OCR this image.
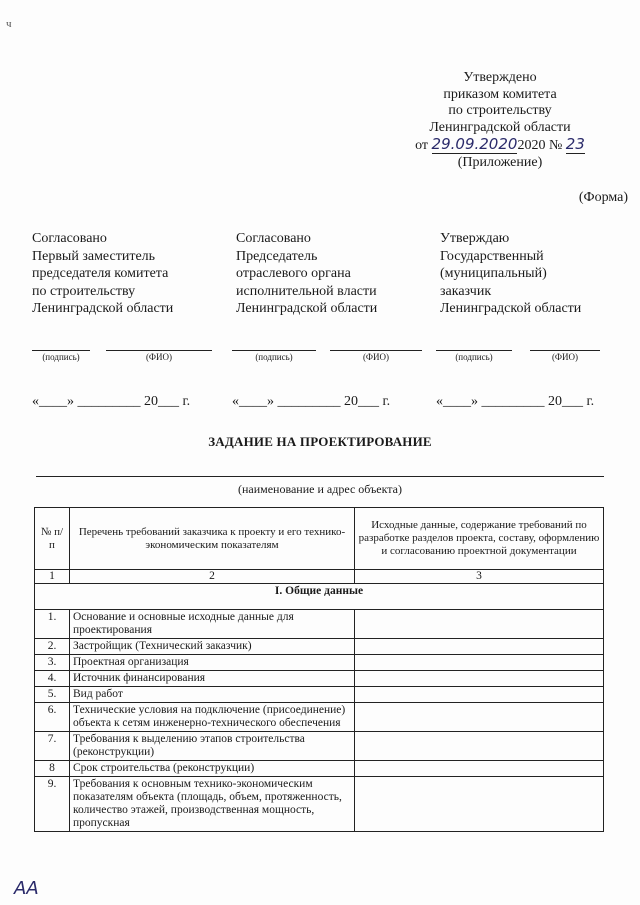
ч
Утверждено
приказом комитета
по строительству
Ленинградской области
от 29.09.20202020 № 23
(Приложение)
(Форма)
Согласовано
Первый заместитель
председателя комитета
по строительству
Ленинградской области
Согласовано
Председатель
отраслевого органа
исполнительной власти
Ленинградской области
Утверждаю
Государственный
(муниципальный)
заказчик
Ленинградской области
(подпись)	(ФИО)	(подпись)	(ФИО)	(подпись)	(ФИО)
«____» _________ 20___ г.	«____» _________ 20___ г.	«____» _________ 20___ г.
ЗАДАНИЕ НА ПРОЕКТИРОВАНИЕ
(наименование и адрес объекта)
№ п/п	Перечень требований заказчика к проекту и его технико-экономическим показателям	Исходные данные, содержание требований по разработке разделов проекта, составу, оформлению и согласованию проектной документации
1	2	3
I. Общие данные		
1.	Основание и основные исходные данные для проектирования	
2.	Застройщик (Технический заказчик)	
3.	Проектная организация	
4.	Источник финансирования	
5.	Вид работ	
6.	Технические условия на подключение (присоединение) объекта к сетям инженерно-технического обеспечения	
7.	Требования к выделению этапов строительства (реконструкции)	
8	Срок строительства (реконструкции)	
9.	Требования к основным технико-экономическим показателям объекта (площадь, объем, протяженность, количество этажей, производственная мощность, пропускная	
АА
